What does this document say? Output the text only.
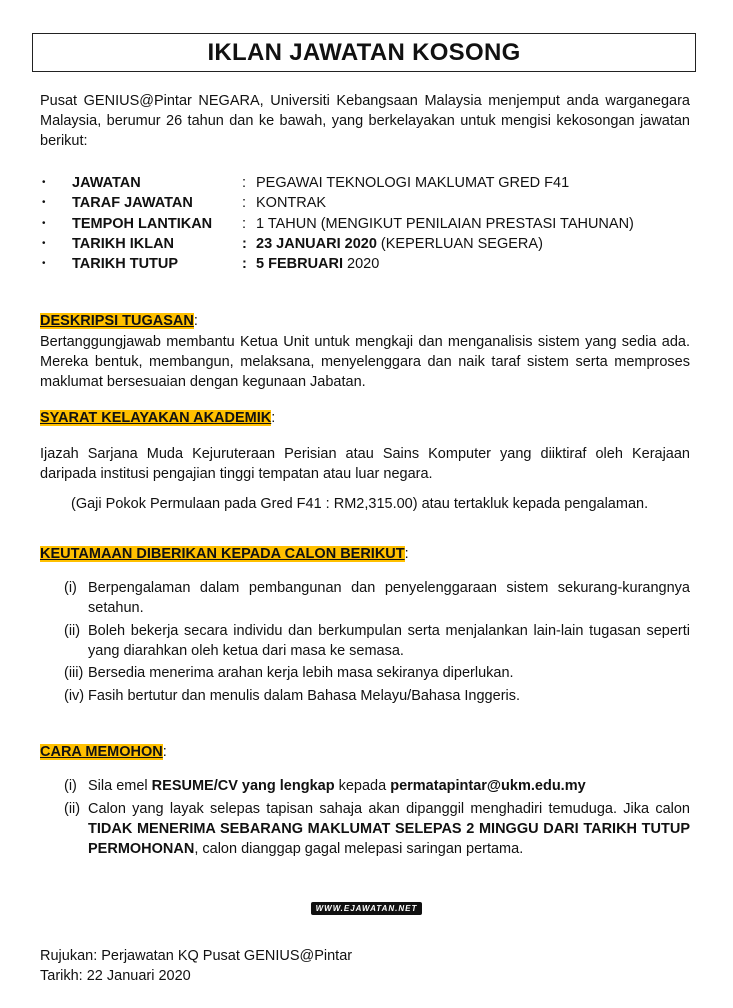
IKLAN JAWATAN KOSONG
Pusat GENIUS@Pintar NEGARA, Universiti Kebangsaan Malaysia menjemput anda warganegara Malaysia, berumur 26 tahun dan ke bawah, yang berkelayakan untuk mengisi kekosongan jawatan berikut:
•	JAWATAN	: PEGAWAI TEKNOLOGI MAKLUMAT GRED F41
•	TARAF JAWATAN	: KONTRAK
•	TEMPOH LANTIKAN	: 1 TAHUN (MENGIKUT PENILAIAN PRESTASI TAHUNAN)
•	TARIKH IKLAN	: 23 JANUARI 2020 (KEPERLUAN SEGERA)
•	TARIKH TUTUP	: 5 FEBRUARI 2020
DESKRIPSI TUGASAN:
Bertanggungjawab membantu Ketua Unit untuk mengkaji dan menganalisis sistem yang sedia ada. Mereka bentuk, membangun, melaksana, menyelenggara dan naik taraf sistem serta memproses maklumat bersesuaian dengan kegunaan Jabatan.
SYARAT KELAYAKAN AKADEMIK:
Ijazah Sarjana Muda Kejuruteraan Perisian atau Sains Komputer yang diiktiraf oleh Kerajaan daripada institusi pengajian tinggi tempatan atau luar negara.
(Gaji Pokok Permulaan pada Gred F41 : RM2,315.00) atau tertakluk kepada pengalaman.
KEUTAMAAN DIBERIKAN KEPADA CALON BERIKUT:
(i) Berpengalaman dalam pembangunan dan penyelenggaraan sistem sekurang-kurangnya setahun.
(ii) Boleh bekerja secara individu dan berkumpulan serta menjalankan lain-lain tugasan seperti yang diarahkan oleh ketua dari masa ke semasa.
(iii) Bersedia menerima arahan kerja lebih masa sekiranya diperlukan.
(iv) Fasih bertutur dan menulis dalam Bahasa Melayu/Bahasa Inggeris.
CARA MEMOHON:
(i) Sila emel RESUME/CV yang lengkap kepada permatapintar@ukm.edu.my
(ii) Calon yang layak selepas tapisan sahaja akan dipanggil menghadiri temuduga. Jika calon TIDAK MENERIMA SEBARANG MAKLUMAT SELEPAS 2 MINGGU DARI TARIKH TUTUP PERMOHONAN, calon dianggap gagal melepasi saringan pertama.
WWW.EJAWATAN.NET
Rujukan: Perjawatan KQ Pusat GENIUS@Pintar
Tarikh: 22 Januari 2020
